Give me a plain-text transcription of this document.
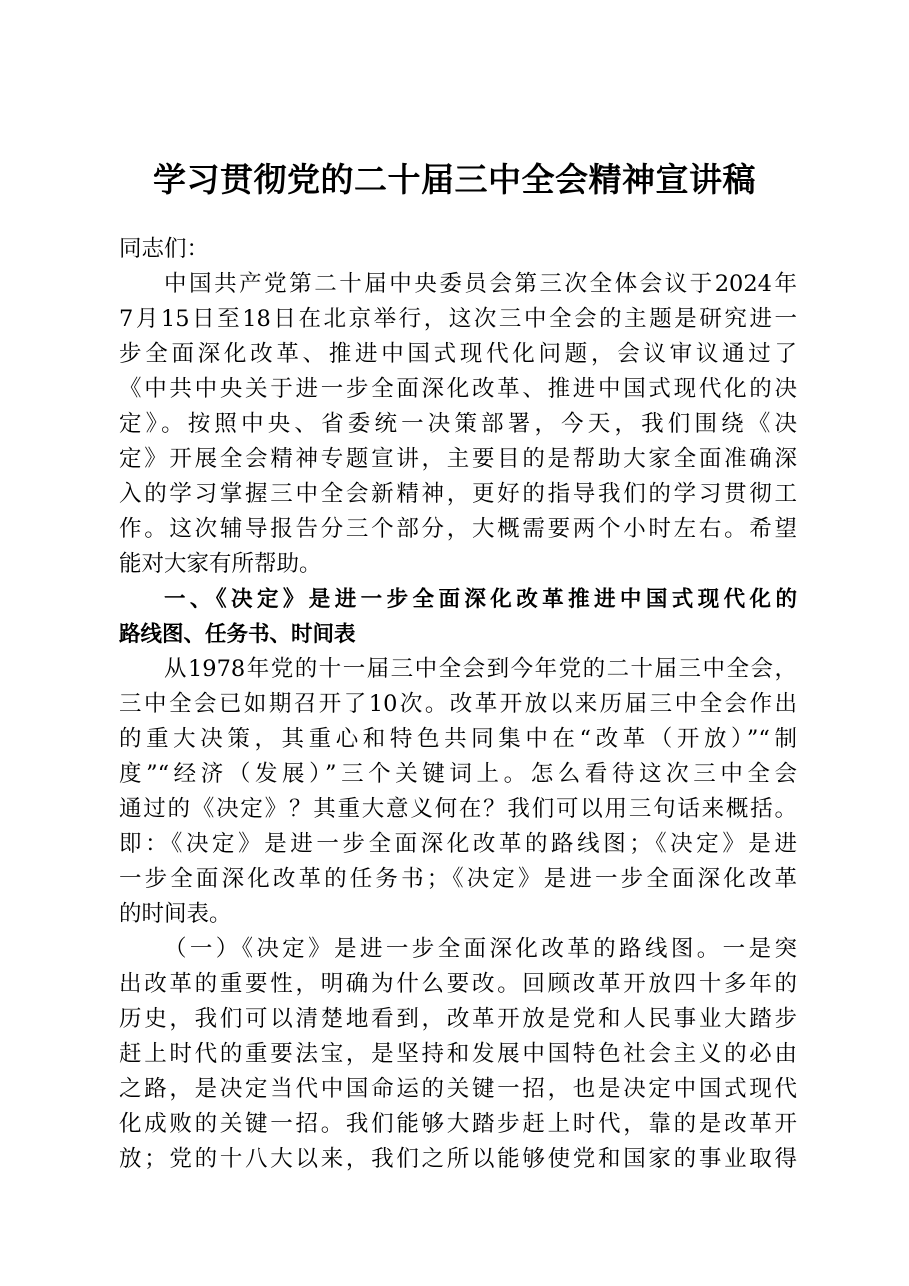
学习贯彻党的二十届三中全会精神宣讲稿
同志们：
中国共产党第二十届中央委员会第三次全体会议于2024年
7月15日至18日在北京举行，这次三中全会的主题是研究进一
步全面深化改革、推进中国式现代化问题，会议审议通过了
《中共中央关于进一步全面深化改革、推进中国式现代化的决
定》。按照中央、省委统一决策部署，今天，我们围绕《决
定》开展全会精神专题宣讲，主要目的是帮助大家全面准确深
入的学习掌握三中全会新精神，更好的指导我们的学习贯彻工
作。这次辅导报告分三个部分，大概需要两个小时左右。希望
能对大家有所帮助。
一、《决定》是进一步全面深化改革推进中国式现代化的
路线图、任务书、时间表
从1978年党的十一届三中全会到今年党的二十届三中全会，
三中全会已如期召开了10次。改革开放以来历届三中全会作出
的重大决策，其重心和特色共同集中在“改革（开放）”“制
度”“经济（发展）”三个关键词上。怎么看待这次三中全会
通过的《决定》？其重大意义何在？我们可以用三句话来概括。
即：《决定》是进一步全面深化改革的路线图；《决定》是进
一步全面深化改革的任务书；《决定》是进一步全面深化改革
的时间表。
（一）《决定》是进一步全面深化改革的路线图。一是突
出改革的重要性，明确为什么要改。回顾改革开放四十多年的
历史，我们可以清楚地看到，改革开放是党和人民事业大踏步
赶上时代的重要法宝，是坚持和发展中国特色社会主义的必由
之路，是决定当代中国命运的关键一招，也是决定中国式现代
化成败的关键一招。我们能够大踏步赶上时代，靠的是改革开
放；党的十八大以来，我们之所以能够使党和国家的事业取得
